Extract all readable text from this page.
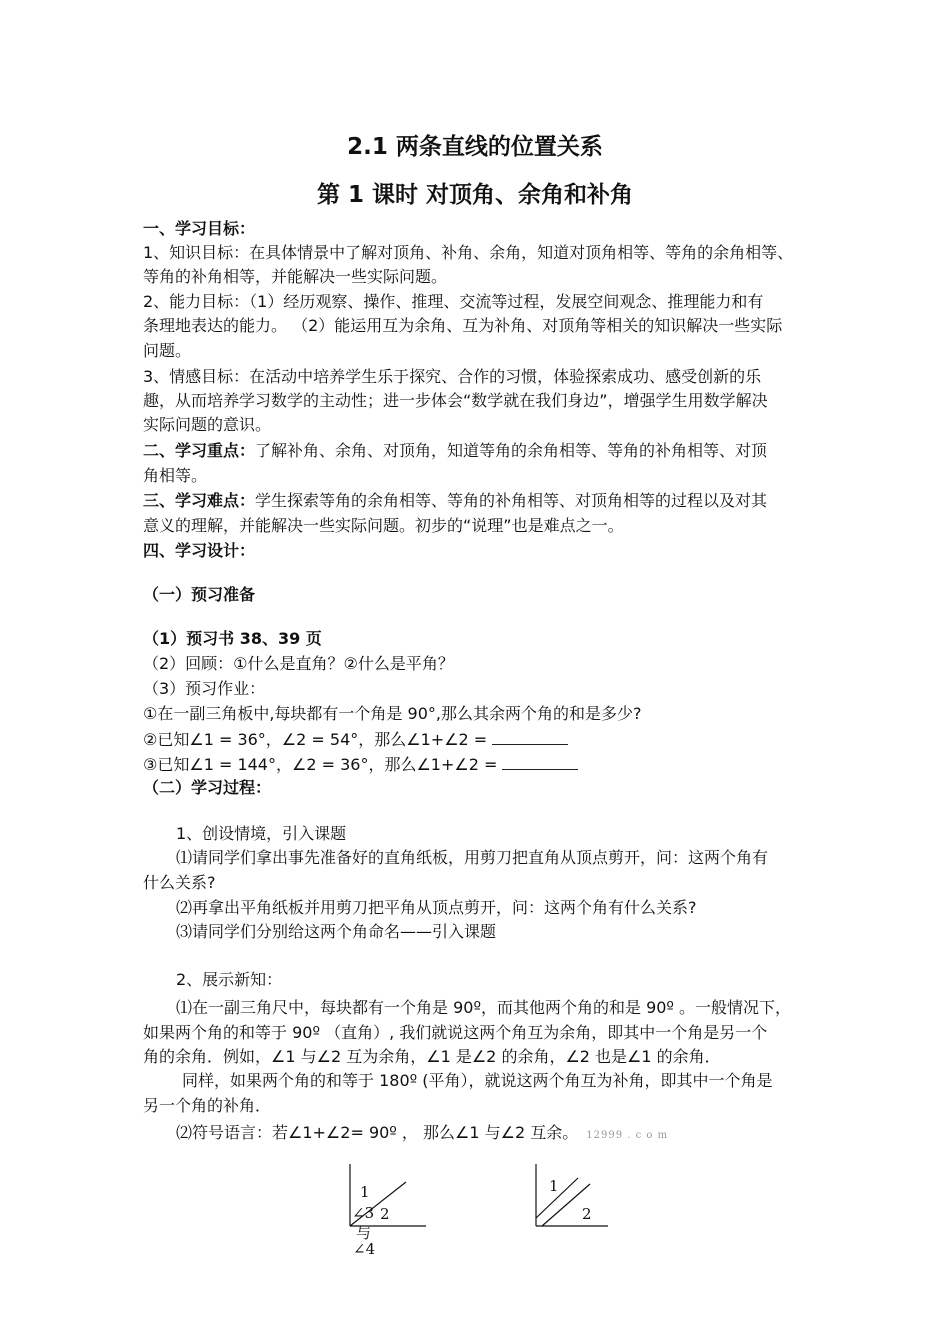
2.1 两条直线的位置关系
第 1 课时 对顶角、余角和补角
一、学习目标：
1、知识目标：在具体情景中了解对顶角、补角、余角，知道对顶角相等、等角的余角相等、
等角的补角相等，并能解决一些实际问题。
2、能力目标：（1）经历观察、操作、推理、交流等过程，发展空间观念、推理能力和有
条理地表达的能力。 （2）能运用互为余角、互为补角、对顶角等相关的知识解决一些实际
问题。
3、情感目标：在活动中培养学生乐于探究、合作的习惯，体验探索成功、感受创新的乐
趣，从而培养学习数学的主动性；进一步体会“数学就在我们身边”，增强学生用数学解决
实际问题的意识。
二、学习重点：了解补角、余角、对顶角，知道等角的余角相等、等角的补角相等、对顶
角相等。
三、学习难点：学生探索等角的余角相等、等角的补角相等、对顶角相等的过程以及对其
意义的理解，并能解决一些实际问题。初步的“说理”也是难点之一。
四、学习设计：
（一）预习准备
（1）预习书 38、39 页
（2）回顾：①什么是直角？②什么是平角？
（3）预习作业：
①在一副三角板中,每块都有一个角是 90°,那么其余两个角的和是多少?
②已知∠1 = 36°，∠2 = 54°，那么∠1+∠2 =
③已知∠1 = 144°，∠2 = 36°，那么∠1+∠2 =
（二）学习过程：
1、创设情境，引入课题
⑴请同学们拿出事先准备好的直角纸板，用剪刀把直角从顶点剪开，问：这两个角有
什么关系?
⑵再拿出平角纸板并用剪刀把平角从顶点剪开，问：这两个角有什么关系?
⑶请同学们分别给这两个角命名——引入课题
2、展示新知：
⑴在一副三角尺中，每块都有一个角是 90º，而其他两个角的和是 90º 。一般情况下，
如果两个角的和等于 90º （直角）, 我们就说这两个角互为余角，即其中一个角是另一个
角的余角．例如，∠1 与∠2 互为余角，∠1 是∠2 的余角，∠2 也是∠1 的余角．
同样，如果两个角的和等于 180º (平角），就说这两个角互为补角，即其中一个角是
另一个角的补角．
⑵符号语言：若∠1+∠2= 90º ， 那么∠1 与∠2 互余。 12999 . c o m
1
∠3 2
与
∠4
1
2
